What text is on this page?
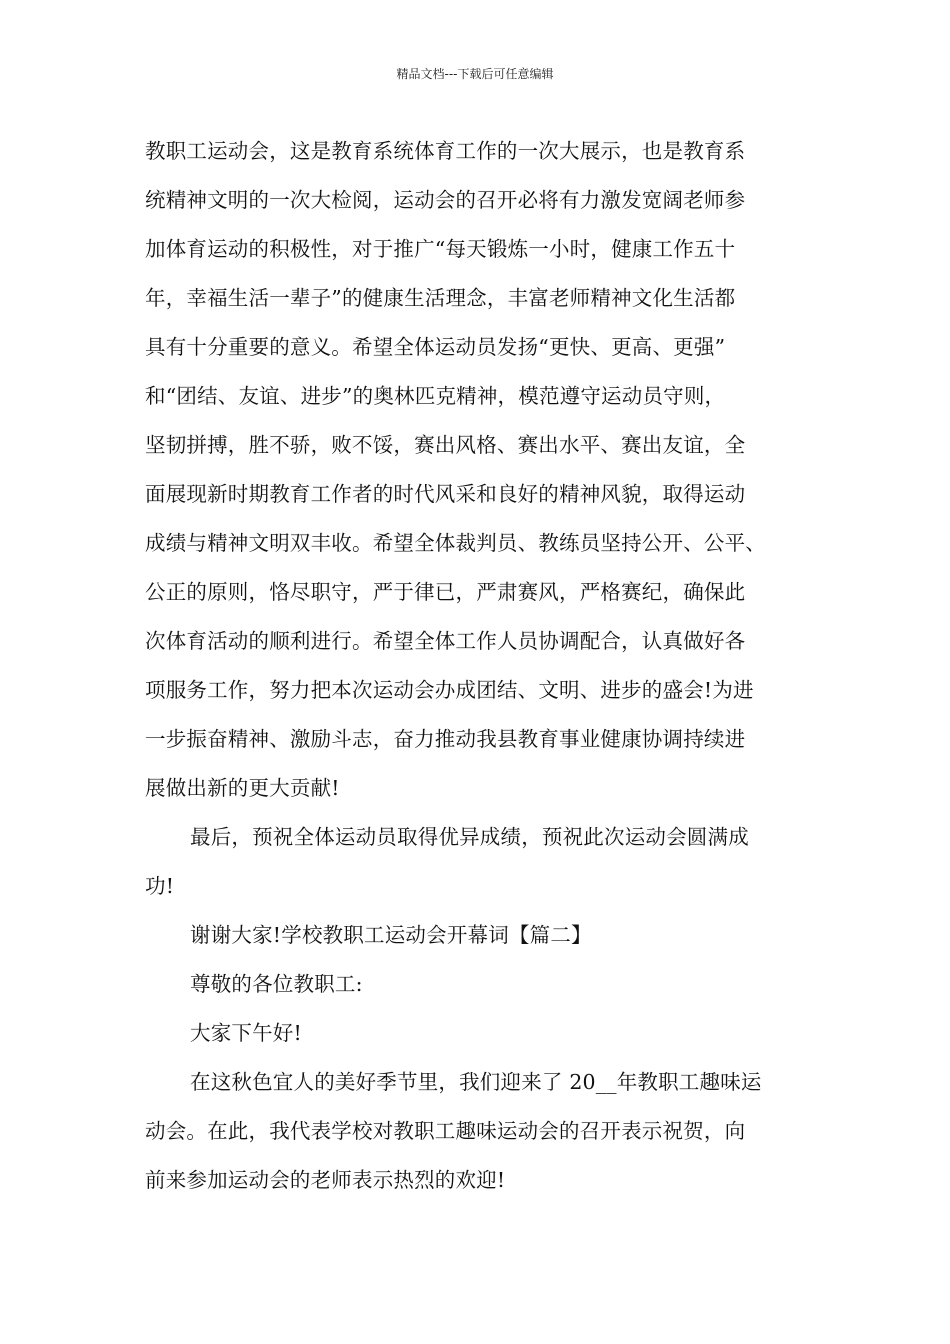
精品文档---下载后可任意编辑
教职工运动会，这是教育系统体育工作的一次大展示，也是教育系
统精神文明的一次大检阅，运动会的召开必将有力激发宽阔老师参
加体育运动的积极性，对于推广“每天锻炼一小时，健康工作五十
年，幸福生活一辈子”的健康生活理念，丰富老师精神文化生活都
具有十分重要的意义。希望全体运动员发扬“更快、更高、更强”
和“团结、友谊、进步”的奥林匹克精神，模范遵守运动员守则，
坚韧拼搏，胜不骄，败不馁，赛出风格、赛出水平、赛出友谊，全
面展现新时期教育工作者的时代风采和良好的精神风貌，取得运动
成绩与精神文明双丰收。希望全体裁判员、教练员坚持公开、公平、
公正的原则，恪尽职守，严于律已，严肃赛风，严格赛纪，确保此
次体育活动的顺利进行。希望全体工作人员协调配合，认真做好各
项服务工作，努力把本次运动会办成团结、文明、进步的盛会!为进
一步振奋精神、激励斗志，奋力推动我县教育事业健康协调持续进
展做出新的更大贡献!
最后，预祝全体运动员取得优异成绩，预祝此次运动会圆满成
功!
谢谢大家!学校教职工运动会开幕词【篇二】
尊敬的各位教职工:
大家下午好!
在这秋色宜人的美好季节里，我们迎来了 20__年教职工趣味运
动会。在此，我代表学校对教职工趣味运动会的召开表示祝贺，向
前来参加运动会的老师表示热烈的欢迎!
